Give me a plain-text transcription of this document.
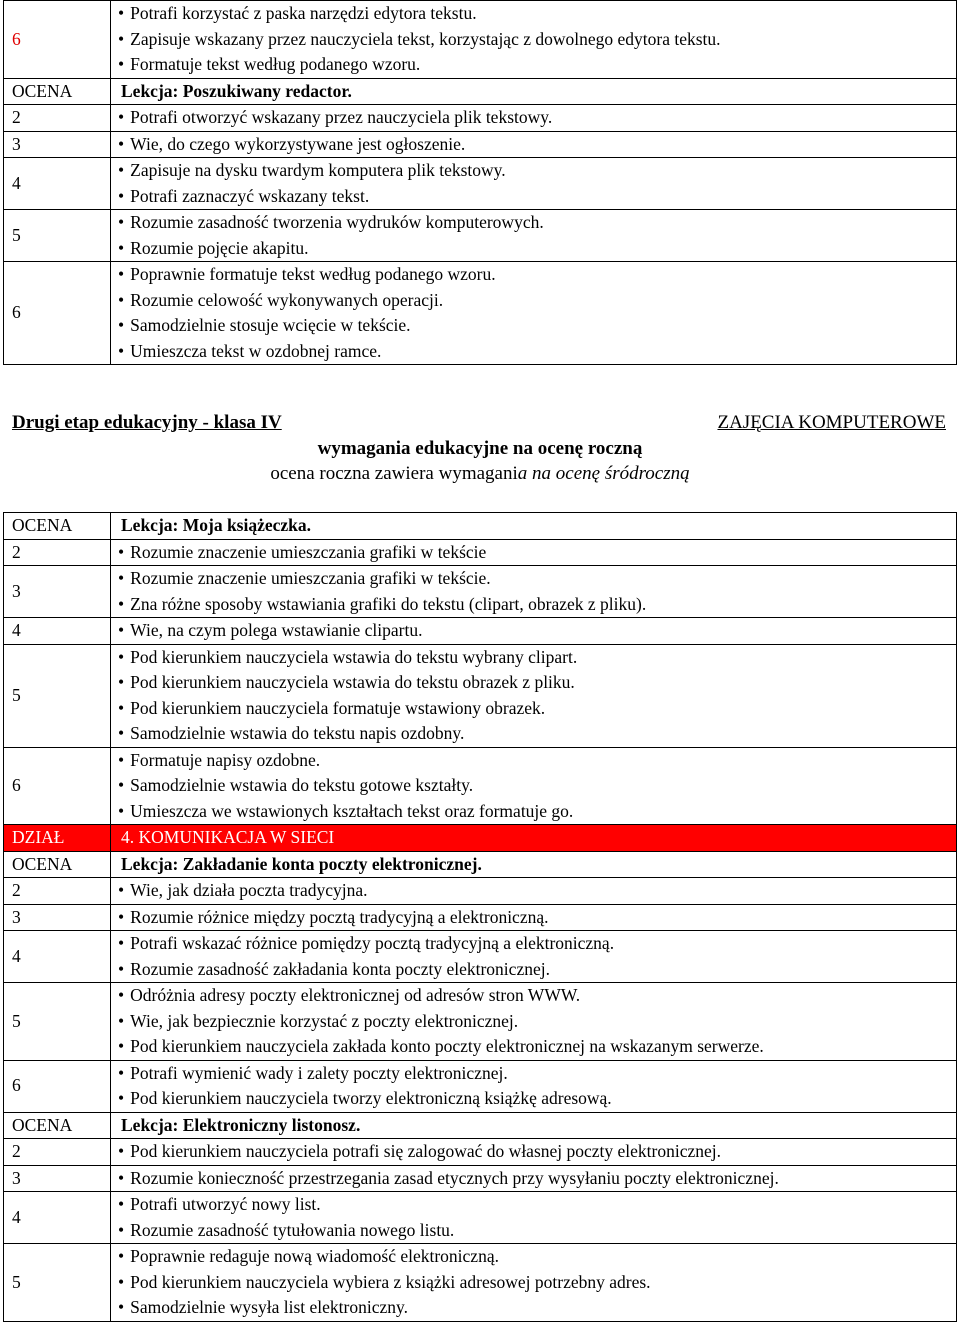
6	• Potrafi korzystać z paska narzędzi edytora tekstu.
• Zapisuje wskazany przez nauczyciela tekst, korzystając z dowolnego edytora tekstu.
• Formatuje tekst według podanego wzoru.

OCENA	Lekcja: Poszukiwany redactor.
2	• Potrafi otworzyć wskazany przez nauczyciela plik tekstowy.

3	• Wie, do czego wykorzystywane jest ogłoszenie.

4	• Zapisuje na dysku twardym komputera plik tekstowy.
• Potrafi zaznaczyć wskazany tekst.

5	• Rozumie zasadność tworzenia wydruków komputerowych.
• Rozumie pojęcie akapitu.

6	• Poprawnie formatuje tekst według podanego wzoru.
• Rozumie celowość wykonywanych operacji.
• Samodzielnie stosuje wcięcie w tekście.
• Umieszcza tekst w ozdobnej ramce.
Drugi etap edukacyjny - klasa IV	ZAJĘCIA KOMPUTEROWE
wymagania edukacyjne na ocenę roczną
ocena roczna zawiera wymagania na ocenę śródroczną
OCENA	Lekcja: Moja książeczka.
2	• Rozumie znaczenie umieszczania grafiki w tekście

3	• Rozumie znaczenie umieszczania grafiki w tekście.
• Zna różne sposoby wstawiania grafiki do tekstu (clipart, obrazek z pliku).

4	• Wie, na czym polega wstawianie clipartu.

5	• Pod kierunkiem nauczyciela wstawia do tekstu wybrany clipart.
• Pod kierunkiem nauczyciela wstawia do tekstu obrazek z pliku.
• Pod kierunkiem nauczyciela formatuje wstawiony obrazek.
• Samodzielnie wstawia do tekstu napis ozdobny.

6	• Formatuje napisy ozdobne.
• Samodzielnie wstawia do tekstu gotowe kształty.
• Umieszcza we wstawionych kształtach tekst oraz formatuje go.

DZIAŁ	4. KOMUNIKACJA W SIECI
OCENA	Lekcja: Zakładanie konta poczty elektronicznej.
2	• Wie, jak działa poczta tradycyjna.

3	• Rozumie różnice między pocztą tradycyjną a elektroniczną.

4	• Potrafi wskazać różnice pomiędzy pocztą tradycyjną a elektroniczną.
• Rozumie zasadność zakładania konta poczty elektronicznej.

5	• Odróżnia adresy poczty elektronicznej od adresów stron WWW.
• Wie, jak bezpiecznie korzystać z poczty elektronicznej.
• Pod kierunkiem nauczyciela zakłada konto poczty elektronicznej na wskazanym serwerze.

6	• Potrafi wymienić wady i zalety poczty elektronicznej.
• Pod kierunkiem nauczyciela tworzy elektroniczną książkę adresową.

OCENA	Lekcja: Elektroniczny listonosz.
2	• Pod kierunkiem nauczyciela potrafi się zalogować do własnej poczty elektronicznej.

3	• Rozumie konieczność przestrzegania zasad etycznych przy wysyłaniu poczty elektronicznej.

4	• Potrafi utworzyć nowy list.
• Rozumie zasadność tytułowania nowego listu.

5	• Poprawnie redaguje nową wiadomość elektroniczną.
• Pod kierunkiem nauczyciela wybiera z książki adresowej potrzebny adres.
• Samodzielnie wysyła list elektroniczny.
